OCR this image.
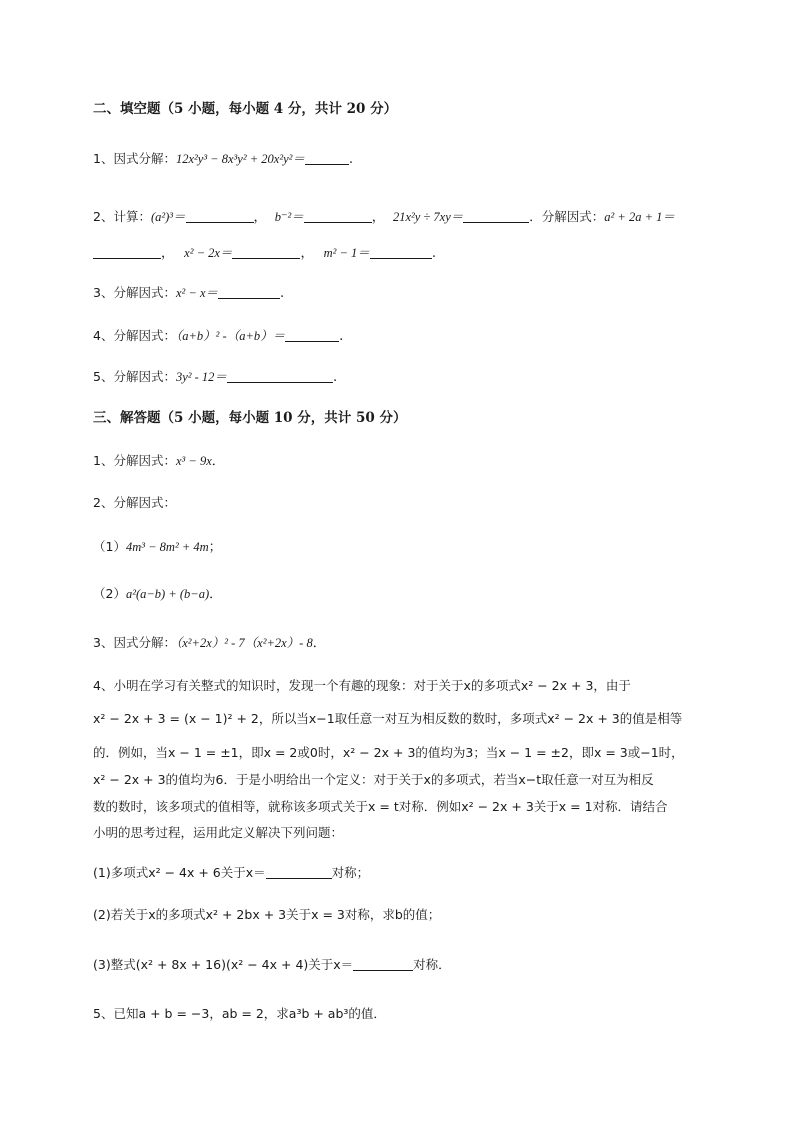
二、填空题（5 小题，每小题 4 分，共计 20 分）
1、因式分解：12x²y³ − 8x³y² + 20x²y²＝	.
2、计算：(a²)³＝	， b⁻²＝	， 21x²y ÷ 7xy＝	．分解因式：a² + 2a + 1＝
， x² − 2x＝	， m² − 1＝	.
3、分解因式：x² − x＝	.
4、分解因式：（a+b）² -（a+b）＝	.
5、分解因式：3y² - 12＝	.
三、解答题（5 小题，每小题 10 分，共计 50 分）
1、分解因式：x³ − 9x．
2、分解因式：
（1）4m³ − 8m² + 4m；
（2）a²(a−b) + (b−a)．
3、因式分解：（x²+2x）² - 7（x²+2x）- 8．
4、小明在学习有关整式的知识时，发现一个有趣的现象：对于关于x的多项式x² − 2x + 3，由于
x² − 2x + 3 = (x − 1)² + 2，所以当x−1取任意一对互为相反数的数时，多项式x² − 2x + 3的值是相等
的．例如，当x − 1 = ±1，即x = 2或0时，x² − 2x + 3的值均为3；当x − 1 = ±2，即x = 3或−1时，
x² − 2x + 3的值均为6．于是小明给出一个定义：对于关于x的多项式，若当x−t取任意一对互为相反
数的数时，该多项式的值相等，就称该多项式关于x = t对称．例如x² − 2x + 3关于x = 1对称．请结合
小明的思考过程，运用此定义解决下列问题：
(1)多项式x² − 4x + 6关于x＝	对称；
(2)若关于x的多项式x² + 2bx + 3关于x = 3对称，求b的值；
(3)整式(x² + 8x + 16)(x² − 4x + 4)关于x＝	对称．
5、已知a + b = −3，ab = 2，求a³b + ab³的值．
